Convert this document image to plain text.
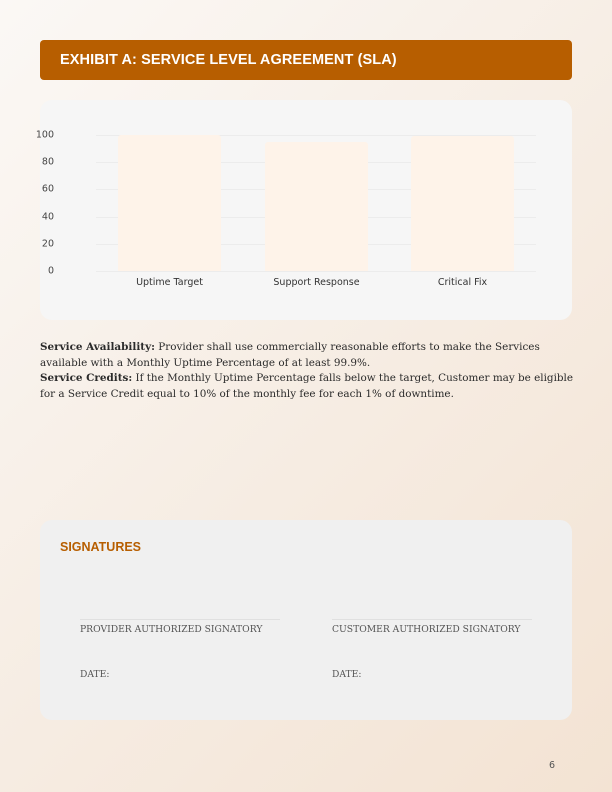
EXHIBIT A: SERVICE LEVEL AGREEMENT (SLA)
100
80
60
40
20
0
Uptime Target	Support Response	Critical Fix

Service Availability: Provider shall use commercially reasonable efforts to make the Services available with a Monthly Uptime Percentage of at least 99.9%.

Service Credits: If the Monthly Uptime Percentage falls below the target, Customer may be eligible for a Service Credit equal to 10% of the monthly fee for each 1% of downtime.

SIGNATURES
PROVIDER AUTHORIZED SIGNATORY
DATE:
CUSTOMER AUTHORIZED SIGNATORY
DATE:
6
